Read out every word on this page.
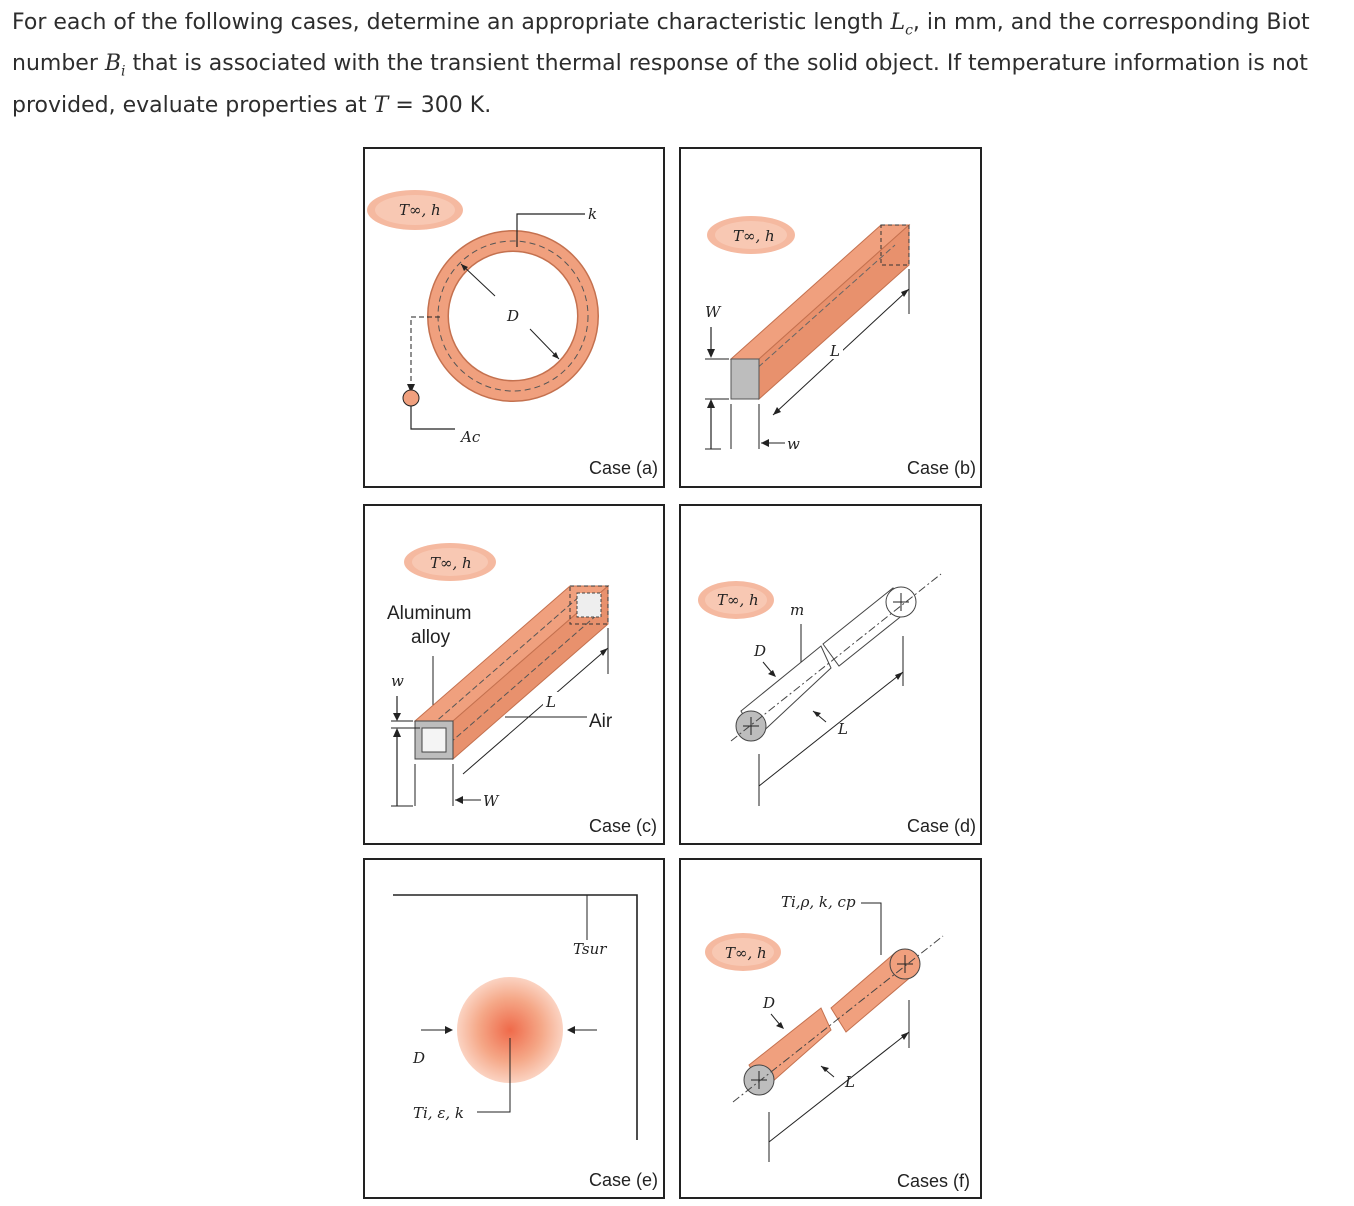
For each of the following cases, determine an appropriate characteristic length $L_c$, in mm, and the corresponding Biot number $B_i$ that is associated with the transient thermal response of the solid object. If temperature information is not provided, evaluate properties at T = 300 K.
T∞, h	k
D
Ac
Case (a)
T∞, h
W
w
L
Case (b)
T∞, h
Aluminum
alloy
Air
w
W
L
Case (c)
T∞, h
m
D
L
Case (d)
Tsur
D
Ti, ε, k
Case (e)
Ti,ρ, k, cp
T∞, h
D
L
Cases (f)
